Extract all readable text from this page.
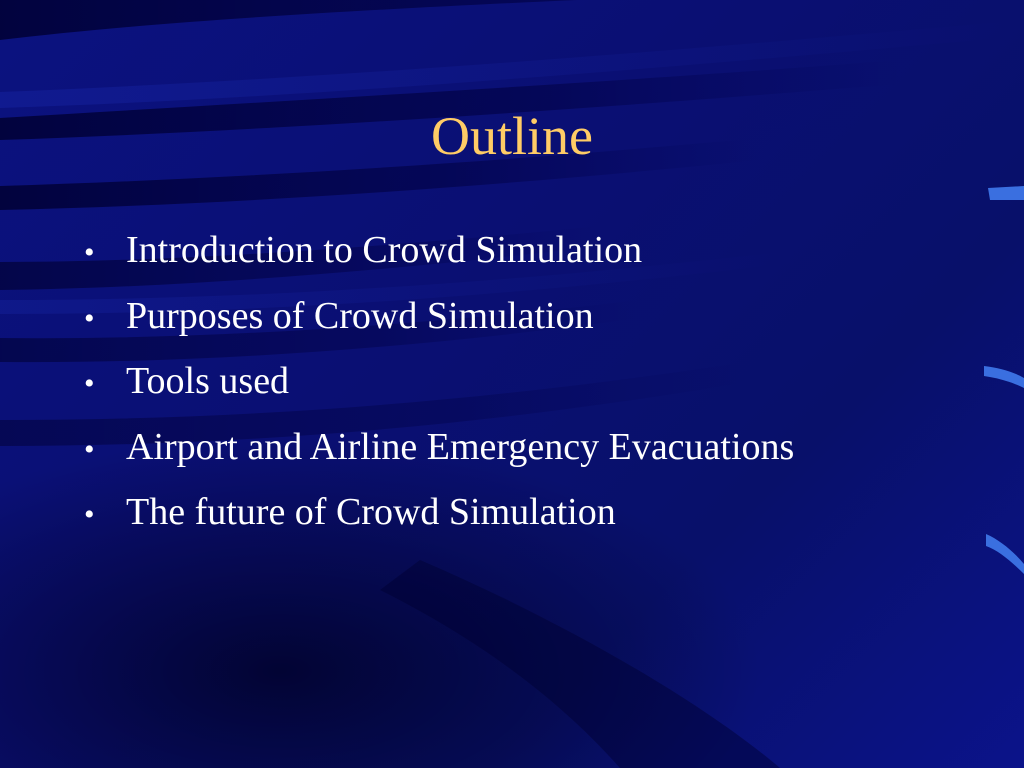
Outline
• Introduction to Crowd Simulation
• Purposes of Crowd Simulation
• Tools used
• Airport and Airline Emergency Evacuations
• The future of Crowd Simulation
